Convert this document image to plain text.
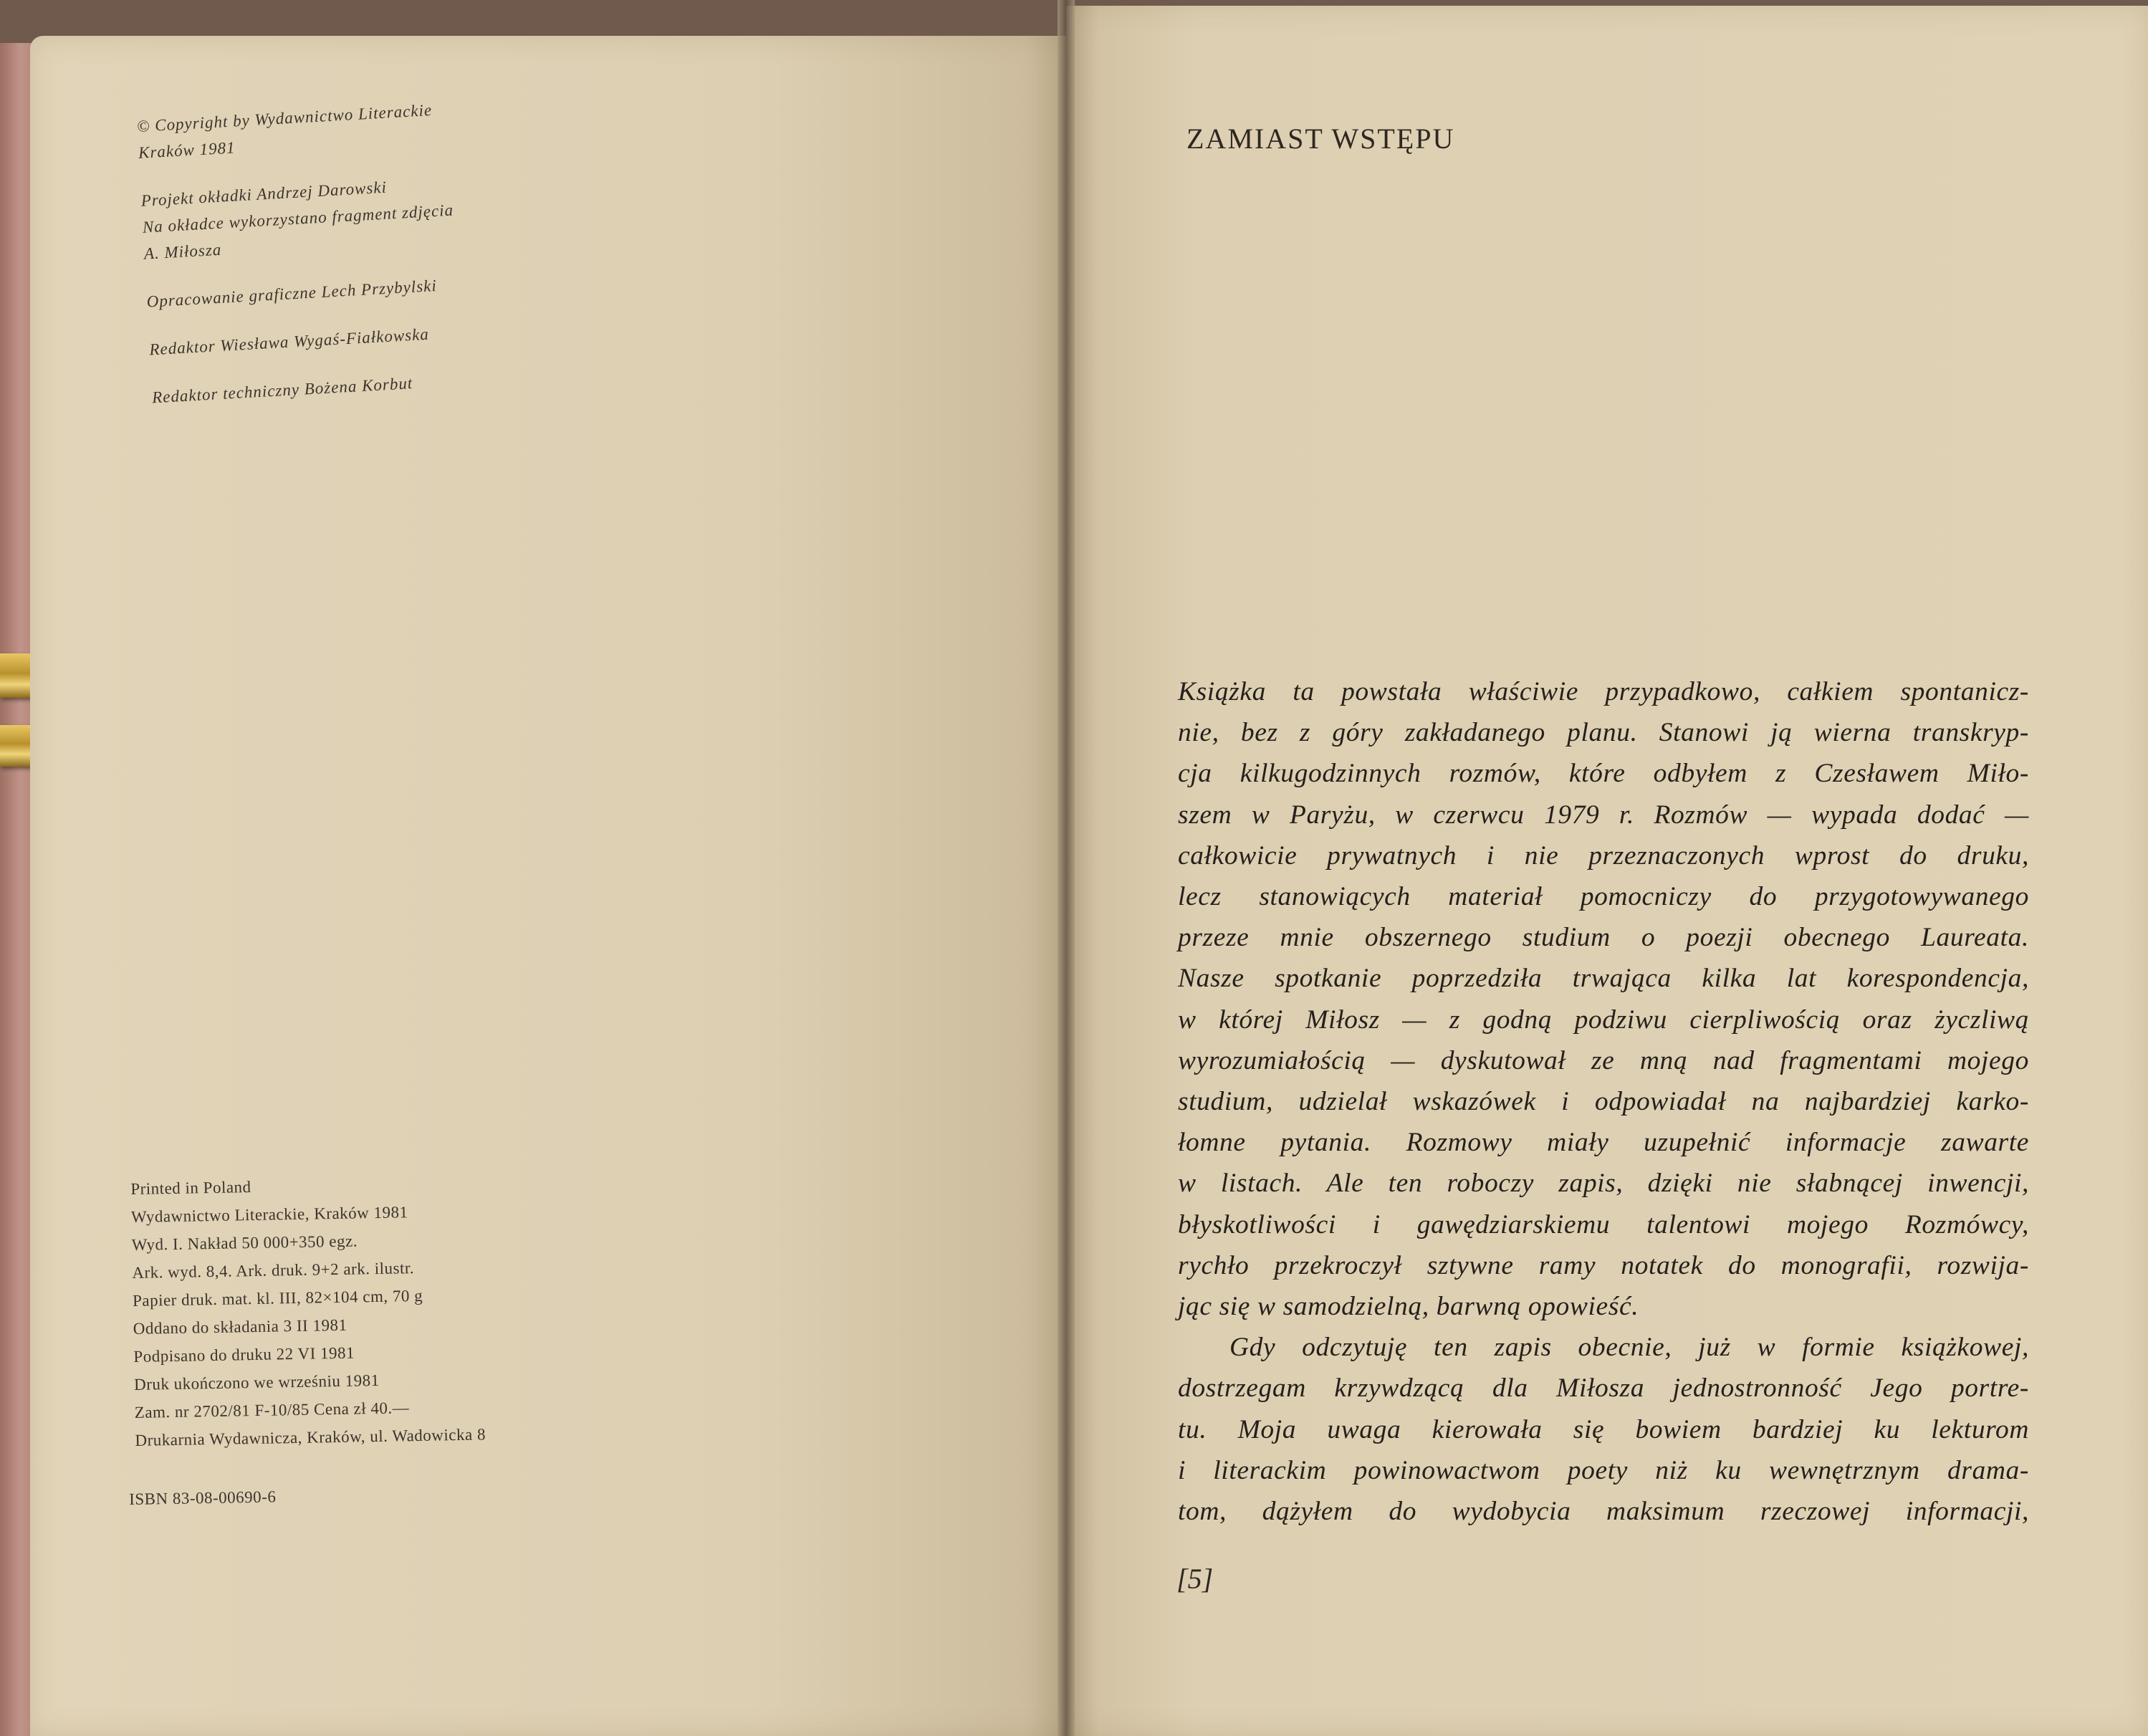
© Copyright by Wydawnictwo Literackie
Kraków 1981
Projekt okładki Andrzej Darowski
Na okładce wykorzystano fragment zdjęcia
A. Miłosza
Opracowanie graficzne Lech Przybylski
Redaktor Wiesława Wygaś-Fiałkowska
Redaktor techniczny Bożena Korbut
Printed in Poland
Wydawnictwo Literackie, Kraków 1981
Wyd. I. Nakład 50 000+350 egz.
Ark. wyd. 8,4. Ark. druk. 9+2 ark. ilustr.
Papier druk. mat. kl. III, 82×104 cm, 70 g
Oddano do składania 3 II 1981
Podpisano do druku 22 VI 1981
Druk ukończono we wrześniu 1981
Zam. nr 2702/81 F-10/85 Cena zł 40.—
Drukarnia Wydawnicza, Kraków, ul. Wadowicka 8
ISBN 83-08-00690-6
ZAMIAST WSTĘPU
Książka ta powstała właściwie przypadkowo, całkiem spontanicz-
nie, bez z góry zakładanego planu. Stanowi ją wierna transkryp-
cja kilkugodzinnych rozmów, które odbyłem z Czesławem Miło-
szem w Paryżu, w czerwcu 1979 r. Rozmów — wypada dodać —
całkowicie prywatnych i nie przeznaczonych wprost do druku,
lecz stanowiących materiał pomocniczy do przygotowywanego
przeze mnie obszernego studium o poezji obecnego Laureata.
Nasze spotkanie poprzedziła trwająca kilka lat korespondencja,
w której Miłosz — z godną podziwu cierpliwością oraz życzliwą
wyrozumiałością — dyskutował ze mną nad fragmentami mojego
studium, udzielał wskazówek i odpowiadał na najbardziej karko-
łomne pytania. Rozmowy miały uzupełnić informacje zawarte
w listach. Ale ten roboczy zapis, dzięki nie słabnącej inwencji,
błyskotliwości i gawędziarskiemu talentowi mojego Rozmówcy,
rychło przekroczył sztywne ramy notatek do monografii, rozwija-
jąc się w samodzielną, barwną opowieść.
Gdy odczytuję ten zapis obecnie, już w formie książkowej,
dostrzegam krzywdzącą dla Miłosza jednostronność Jego portre-
tu. Moja uwaga kierowała się bowiem bardziej ku lekturom
i literackim powinowactwom poety niż ku wewnętrznym drama-
tom, dążyłem do wydobycia maksimum rzeczowej informacji,
[5]
